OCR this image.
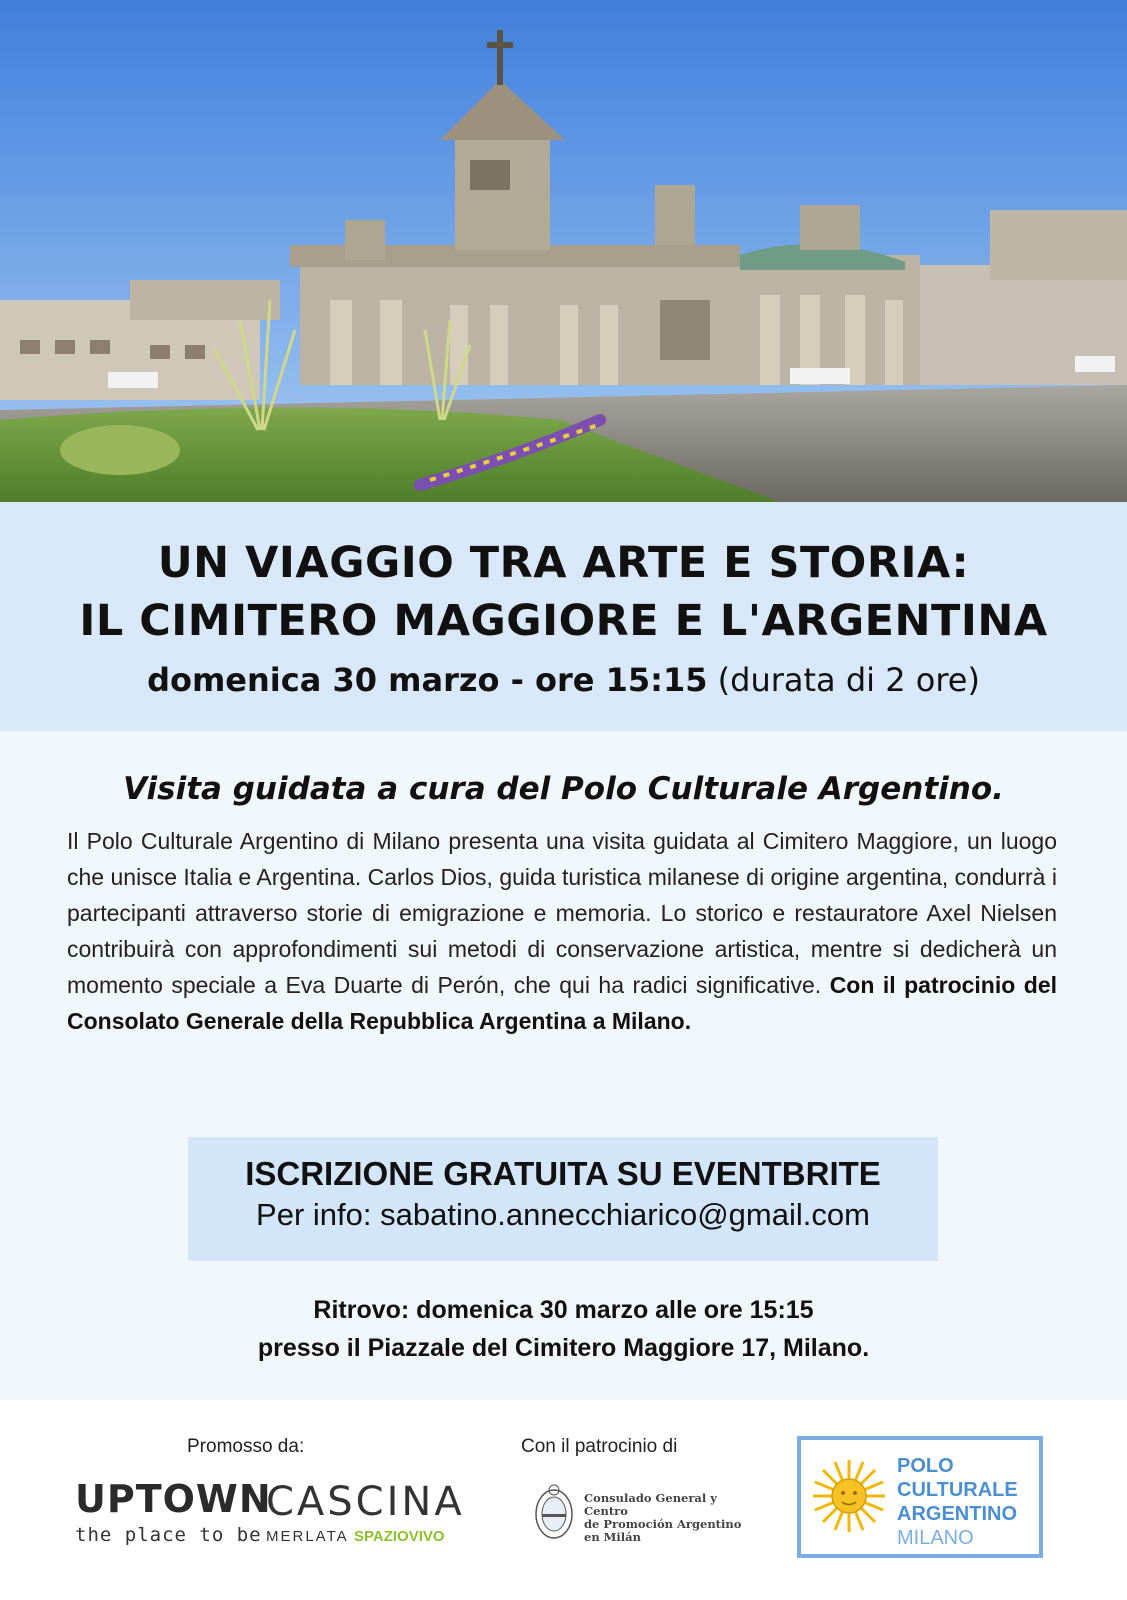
UN VIAGGIO TRA ARTE E STORIA:
IL CIMITERO MAGGIORE E L'ARGENTINA
domenica 30 marzo - ore 15:15 (durata di 2 ore)
Visita guidata a cura del Polo Culturale Argentino.
Il Polo Culturale Argentino di Milano presenta una visita guidata al Cimitero Maggiore, un luogo che unisce Italia e Argentina. Carlos Dios, guida turistica milanese di origine argentina, condurrà i partecipanti attraverso storie di emigrazione e memoria. Lo storico e restauratore Axel Nielsen contribuirà con approfondimenti sui metodi di conservazione artistica, mentre si dedicherà un momento speciale a Eva Duarte di Perón, che qui ha radici significative. Con il patrocinio del Consolato Generale della Repubblica Argentina a Milano.
ISCRIZIONE GRATUITA SU EVENTBRITE
Per info: sabatino.annecchiarico@gmail.com
Ritrovo: domenica 30 marzo alle ore 15:15
presso il Piazzale del Cimitero Maggiore 17, Milano.
Promosso da:	Con il patrocinio di
UPTOWN
the place to be
CASCINA
MERLATA SPAZIOVIVO
Consulado General y Centro
de Promoción Argentino
en Milán
POLO
CULTURALE
ARGENTINO
MILANO
